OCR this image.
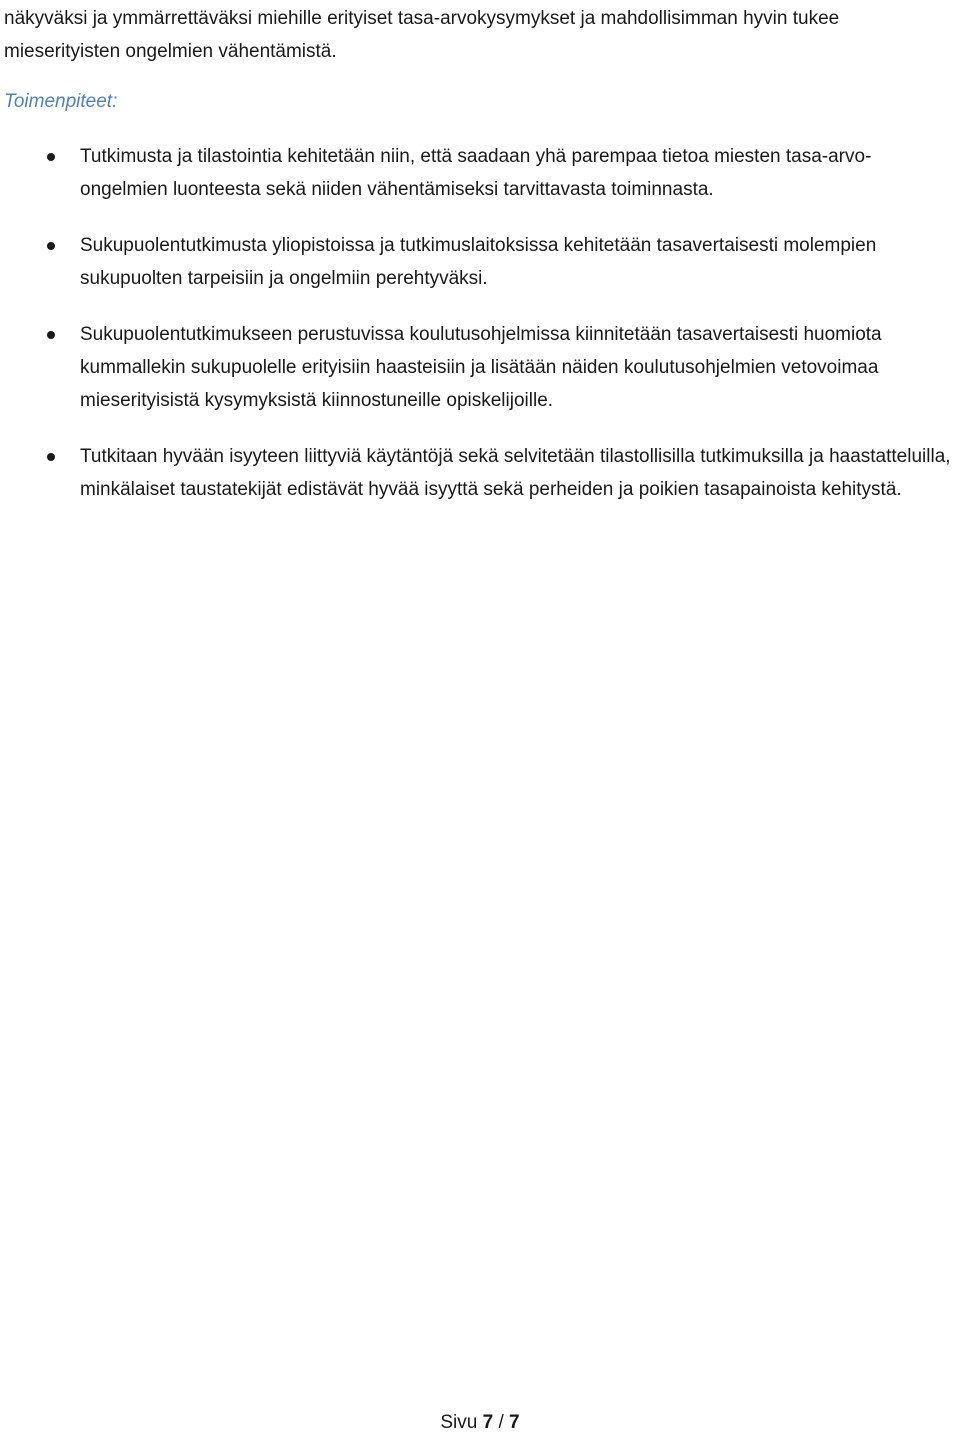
näkyväksi ja ymmärrettäväksi miehille erityiset tasa-arvokysymykset ja mahdollisimman hyvin tukee mieserityisten ongelmien vähentämistä.

Toimenpiteet:

Tutkimusta ja tilastointia kehitetään niin, että saadaan yhä parempaa tietoa miesten tasa-arvo-ongelmien luonteesta sekä niiden vähentämiseksi tarvittavasta toiminnasta.
Sukupuolentutkimusta yliopistoissa ja tutkimuslaitoksissa kehitetään tasavertaisesti molempien sukupuolten tarpeisiin ja ongelmiin perehtyväksi.
Sukupuolentutkimukseen perustuvissa koulutusohjelmissa kiinnitetään tasavertaisesti huomiota kummallekin sukupuolelle erityisiin haasteisiin ja lisätään näiden koulutusohjelmien vetovoimaa mieserityisistä kysymyksistä kiinnostuneille opiskelijoille.
Tutkitaan hyvään isyyteen liittyviä käytäntöjä sekä selvitetään tilastollisilla tutkimuksilla ja haastatteluilla, minkälaiset taustatekijät edistävät hyvää isyyttä sekä perheiden ja poikien tasapainoista kehitystä.
Sivu 7 / 7
